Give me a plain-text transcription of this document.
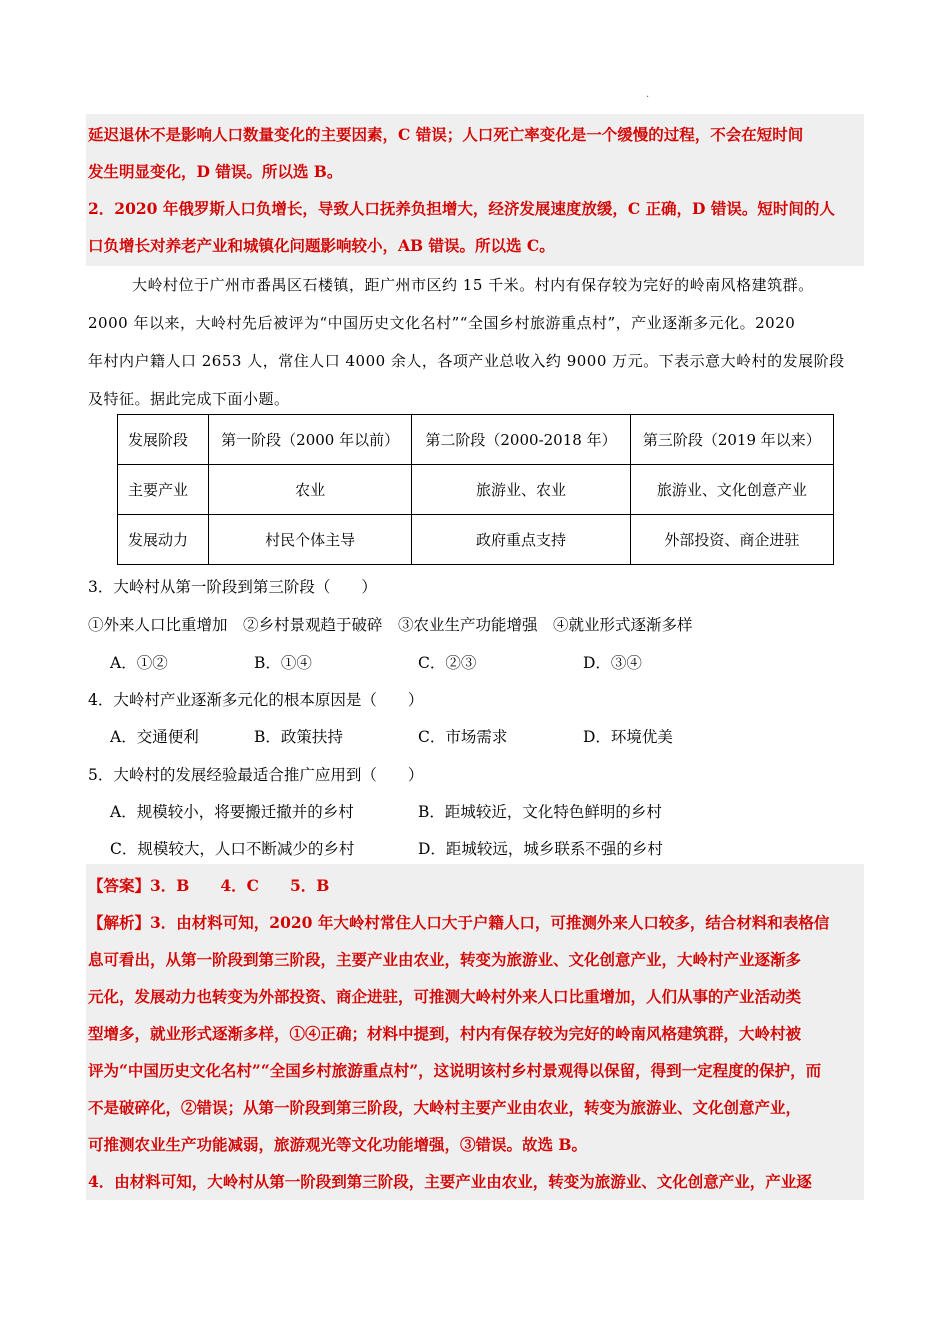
·

延迟退休不是影响人口数量变化的主要因素，C 错误；人口死亡率变化是一个缓慢的过程，不会在短时间

发生明显变化，D 错误。所以选 B。

2．2020 年俄罗斯人口负增长，导致人口抚养负担增大，经济发展速度放缓，C 正确，D 错误。短时间的人

口负增长对养老产业和城镇化问题影响较小，AB 错误。所以选 C。

大岭村位于广州市番禺区石楼镇，距广州市区约 15 千米。村内有保存较为完好的岭南风格建筑群。

2000 年以来，大岭村先后被评为“中国历史文化名村”“全国乡村旅游重点村”，产业逐渐多元化。2020

年村内户籍人口 2653 人，常住人口 4000 余人，各项产业总收入约 9000 万元。下表示意大岭村的发展阶段

及特征。据此完成下面小题。

发展阶段	第一阶段（2000 年以前）	第二阶段（2000-2018 年）	第三阶段（2019 年以来）
主要产业	农业	旅游业、农业	旅游业、文化创意产业
发展动力	村民个体主导	政府重点支持	外部投资、商企进驻
3．大岭村从第一阶段到第三阶段（　　）
①外来人口比重增加　②乡村景观趋于破碎　③农业生产功能增强　④就业形式逐渐多样
A．①②	B．①④	C．②③	D．③④
4．大岭村产业逐渐多元化的根本原因是（　　）
A．交通便利	B．政策扶持	C．市场需求	D．环境优美
5．大岭村的发展经验最适合推广应用到（　　）
A．规模较小，将要搬迁撤并的乡村	B．距城较近，文化特色鲜明的乡村
C．规模较大，人口不断减少的乡村	D．距城较远，城乡联系不强的乡村

【答案】3．B　　4．C　　5．B

【解析】3．由材料可知，2020 年大岭村常住人口大于户籍人口，可推测外来人口较多，结合材料和表格信

息可看出，从第一阶段到第三阶段，主要产业由农业，转变为旅游业、文化创意产业，大岭村产业逐渐多

元化，发展动力也转变为外部投资、商企进驻，可推测大岭村外来人口比重增加，人们从事的产业活动类

型增多，就业形式逐渐多样，①④正确；材料中提到，村内有保存较为完好的岭南风格建筑群，大岭村被

评为“中国历史文化名村”“全国乡村旅游重点村”，这说明该村乡村景观得以保留，得到一定程度的保护，而

不是破碎化，②错误；从第一阶段到第三阶段，大岭村主要产业由农业，转变为旅游业、文化创意产业，

可推测农业生产功能减弱，旅游观光等文化功能增强，③错误。故选 B。

4．由材料可知，大岭村从第一阶段到第三阶段，主要产业由农业，转变为旅游业、文化创意产业，产业逐
